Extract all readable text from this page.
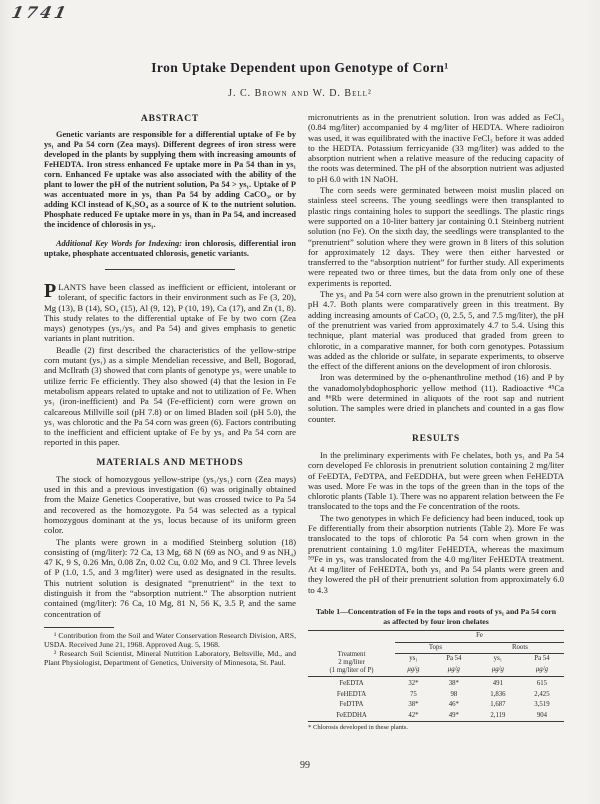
1741
Iron Uptake Dependent upon Genotype of Corn¹
J. C. Brown and W. D. Bell²
ABSTRACT

Genetic variants are responsible for a differential uptake of Fe by ys₁ and Pa 54 corn (Zea mays). Different degrees of iron stress were developed in the plants by supplying them with increasing amounts of FeHEDTA. Iron stress enhanced Fe uptake more in Pa 54 than in ys₁ corn. Enhanced Fe uptake was also associated with the ability of the plant to lower the pH of the nutrient solution, Pa 54 > ys₁. Uptake of P was accentuated more in ys₁ than Pa 54 by adding CaCO₃, or by adding KCl instead of K₂SO₄ as a source of K to the nutrient solution. Phosphate reduced Fe uptake more in ys₁ than in Pa 54, and increased the incidence of chlorosis in ys₁.

Additional Key Words for Indexing: iron chlorosis, differential iron uptake, phosphate accentuated chlorosis, genetic variants.

PLANTS have been classed as inefficient or efficient, intolerant or tolerant, of specific factors in their environment such as Fe (3, 20), Mg (13), B (14), SO₄ (15), Al (9, 12), P (10, 19), Ca (17), and Zn (1, 8). This study relates to the differential uptake of Fe by two corn (Zea mays) genotypes (ys₁/ys₁ and Pa 54) and gives emphasis to genetic variants in plant nutrition.

Beadle (2) first described the characteristics of the yellow-stripe corn mutant (ys₁) as a simple Mendelian recessive, and Bell, Bogorad, and McIlrath (3) showed that corn plants of genotype ys₁ were unable to utilize ferric Fe efficiently. They also showed (4) that the lesion in Fe metabolism appears related to uptake and not to utilization of Fe. When ys₁ (iron-inefficient) and Pa 54 (Fe-efficient) corn were grown on calcareous Millville soil (pH 7.8) or on limed Bladen soil (pH 5.0), the ys₁ was chlorotic and the Pa 54 corn was green (6). Factors contributing to the inefficient and efficient uptake of Fe by ys₁ and Pa 54 corn are reported in this paper.

MATERIALS AND METHODS

The stock of homozygous yellow-stripe (ys₁/ys₁) corn (Zea mays) used in this and a previous investigation (6) was originally obtained from the Maize Genetics Cooperative, but was crossed twice to Pa 54 and recovered as the homozygote. Pa 54 was selected as a typical homozygous dominant at the ys₁ locus because of its uniform green color.

The plants were grown in a modified Steinberg solution (18) consisting of (mg/liter): 72 Ca, 13 Mg, 68 N (69 as NO₃ and 9 as NH₄) 47 K, 9 S, 0.26 Mn, 0.08 Zn, 0.02 Cu, 0.02 Mo, and 9 Cl. Three levels of P (1.0, 1.5, and 3 mg/liter) were used as designated in the results. This nutrient solution is designated “prenutrient” in the text to distinguish it from the “absorption nutrient.” The absorption nutrient contained (mg/liter): 76 Ca, 10 Mg, 81 N, 56 K, 3.5 P, and the same concentration of

¹ Contribution from the Soil and Water Conservation Research Division, ARS, USDA. Received June 21, 1968. Approved Aug. 5, 1968.

² Research Soil Scientist, Mineral Nutrition Laboratory, Beltsville, Md., and Plant Physiologist, Department of Genetics, University of Minnesota, St. Paul.

micronutrients as in the prenutrient solution. Iron was added as FeCl₃ (0.84 mg/liter) accompanied by 4 mg/liter of HEDTA. Where radioiron was used, it was equilibrated with the inactive FeCl₃ before it was added to the HEDTA. Potassium ferricyanide (33 mg/liter) was added to the absorption nutrient when a relative measure of the reducing capacity of the roots was determined. The pH of the absorption nutrient was adjusted to pH 6.0 with 1N NaOH.

The corn seeds were germinated between moist muslin placed on stainless steel screens. The young seedlings were then transplanted to plastic rings containing holes to support the seedlings. The plastic rings were supported on a 10-liter battery jar containing 0.1 Steinberg nutrient solution (no Fe). On the sixth day, the seedlings were transplanted to the “prenutrient” solution where they were grown in 8 liters of this solution for approximately 12 days. They were then either harvested or transferred to the “absorption nutrient” for further study. All experiments were repeated two or three times, but the data from only one of these experiments is reported.

The ys₁ and Pa 54 corn were also grown in the prenutrient solution at pH 4.7. Both plants were comparatively green in this treatment. By adding increasing amounts of CaCO₃ (0, 2.5, 5, and 7.5 mg/liter), the pH of the prenutrient was varied from approximately 4.7 to 5.4. Using this technique, plant material was produced that graded from green to chlorotic, in a comparative manner, for both corn genotypes. Potassium was added as the chloride or sulfate, in separate experiments, to observe the effect of the different anions on the development of iron chlorosis.

Iron was determined by the o-phenanthroline method (16) and P by the vanadomolybdophosphoric yellow method (11). Radioactive ⁴⁵Ca and ⁸⁶Rb were determined in aliquots of the root sap and nutrient solution. The samples were dried in planchets and counted in a gas flow counter.

RESULTS

In the preliminary experiments with Fe chelates, both ys₁ and Pa 54 corn developed Fe chlorosis in prenutrient solution containing 2 mg/liter of FeEDTA, FeDTPA, and FeEDDHA, but were green when FeHEDTA was used. More Fe was in the tops of the green than in the tops of the chlorotic plants (Table 1). There was no apparent relation between the Fe translocated to the tops and the Fe concentration of the roots.

The two genotypes in which Fe deficiency had been induced, took up Fe differentially from their absorption nutrients (Table 2). More Fe was translocated to the tops of chlorotic Pa 54 corn when grown in the prenutrient containing 1.0 mg/liter FeHEDTA, whereas the maximum ⁵⁹Fe in ys₁ was translocated from the 4.0 mg/liter FeHEDTA treatment. At 4 mg/liter of FeHEDTA, both ys₁ and Pa 54 plants were green and they lowered the pH of their prenutrient solution from approximately 6.0 to 4.3

Table 1—Concentration of Fe in the tops and roots of ys₁ and Pa 54 corn as affected by four iron chelates
Treatment
2 mg/liter
(1 mg/liter of P)	Fe			
	Tops		Roots	
	ys₁	Pa 54	ys₁	Pa 54
	μg/g	μg/g	μg/g	μg/g
FeEDTA	32*	38*	491	615
FeHEDTA	75	98	1,836	2,425
FeDTPA	38*	46*	1,687	3,519
FeEDDHA	42*	49*	2,119	904
* Chlorosis developed in these plants.
99
